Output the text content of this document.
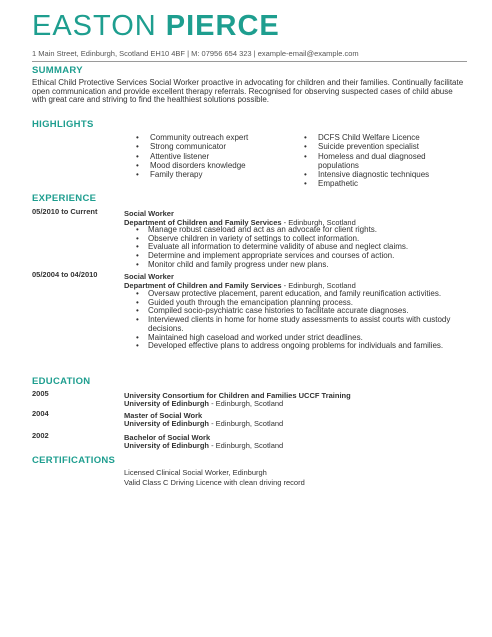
EASTON PIERCE
1 Main Street, Edinburgh, Scotland EH10 4BF | M: 07956 654 323 | example-email@example.com
SUMMARY
Ethical Child Protective Services Social Worker proactive in advocating for children and their families. Continually facilitate open communication and provide excellent therapy referrals. Recognised for observing suspected cases of child abuse with great care and striving to find the healthiest solutions possible.
HIGHLIGHTS
• Community outreach expert
• Strong communicator
• Attentive listener
• Mood disorders knowledge
• Family therapy
• DCFS Child Welfare Licence
• Suicide prevention specialist
• Homeless and dual diagnosed populations
• Intensive diagnostic techniques
• Empathetic
EXPERIENCE
05/2010 to Current	Social Worker
Department of Children and Family Services - Edinburgh, Scotland
• Manage robust caseload and act as an advocate for client rights.
• Observe children in variety of settings to collect information.
• Evaluate all information to determine validity of abuse and neglect claims.
• Determine and implement appropriate services and courses of action.
• Monitor child and family progress under new plans.
05/2004 to 04/2010	Social Worker
Department of Children and Family Services - Edinburgh, Scotland
• Oversaw protective placement, parent education, and family reunification activities.
• Guided youth through the emancipation planning process.
• Compiled socio-psychiatric case histories to facilitate accurate diagnoses.
• Interviewed clients in home for home study assessments to assist courts with custody decisions.
• Maintained high caseload and worked under strict deadlines.
• Developed effective plans to address ongoing problems for individuals and families.
EDUCATION
2005	University Consortium for Children and Families UCCF Training
University of Edinburgh - Edinburgh, Scotland
2004	Master of Social Work
University of Edinburgh - Edinburgh, Scotland
2002	Bachelor of Social Work
University of Edinburgh - Edinburgh, Scotland
CERTIFICATIONS
Licensed Clinical Social Worker, Edinburgh
Valid Class C Driving Licence with clean driving record
